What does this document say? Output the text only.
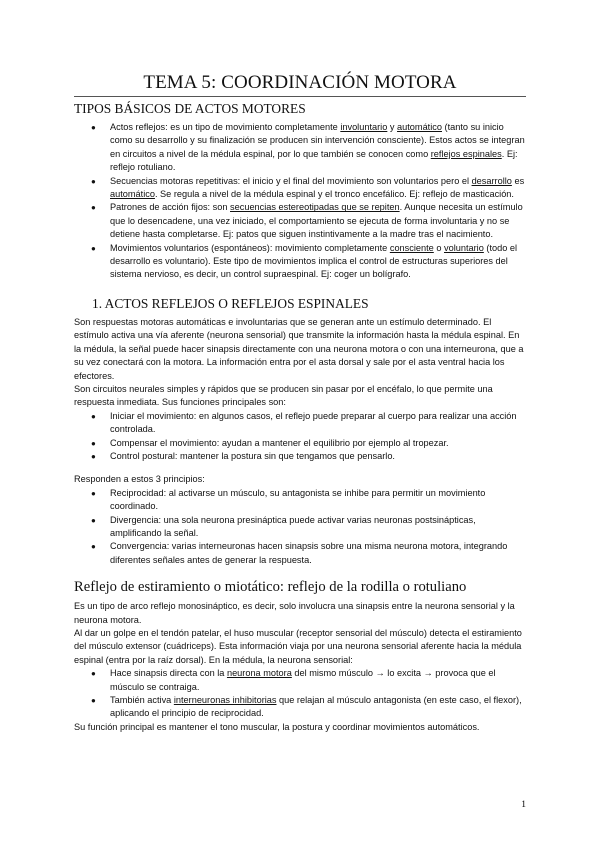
TEMA 5: COORDINACIÓN MOTORA
TIPOS BÁSICOS DE ACTOS MOTORES
● Actos reflejos: es un tipo de movimiento completamente involuntario y automático (tanto su inicio como su desarrollo y su finalización se producen sin intervención consciente). Estos actos se integran en circuitos a nivel de la médula espinal, por lo que también se conocen como reflejos espinales. Ej: reflejo rotuliano.
● Secuencias motoras repetitivas: el inicio y el final del movimiento son voluntarios pero el desarrollo es automático. Se regula a nivel de la médula espinal y el tronco encefálico. Ej: reflejo de masticación.
● Patrones de acción fijos: son secuencias estereotipadas que se repiten. Aunque necesita un estímulo que lo desencadene, una vez iniciado, el comportamiento se ejecuta de forma involuntaria y no se detiene hasta completarse. Ej: patos que siguen instintivamente a la madre tras el nacimiento.
● Movimientos voluntarios (espontáneos): movimiento completamente consciente o voluntario (todo el desarrollo es voluntario). Este tipo de movimientos implica el control de estructuras superiores del sistema nervioso, es decir, un control supraespinal. Ej: coger un bolígrafo.
1. ACTOS REFLEJOS O REFLEJOS ESPINALES

Son respuestas motoras automáticas e involuntarias que se generan ante un estímulo determinado. El estímulo activa una vía aferente (neurona sensorial) que transmite la información hasta la médula espinal. En la médula, la señal puede hacer sinapsis directamente con una neurona motora o con una interneurona, que a su vez conectará con la motora. La información entra por el asta dorsal y sale por el asta ventral hacia los efectores.

Son circuitos neurales simples y rápidos que se producen sin pasar por el encéfalo, lo que permite una respuesta inmediata. Sus funciones principales son:

● Iniciar el movimiento: en algunos casos, el reflejo puede preparar al cuerpo para realizar una acción controlada.
● Compensar el movimiento: ayudan a mantener el equilibrio por ejemplo al tropezar.
● Control postural: mantener la postura sin que tengamos que pensarlo.

Responden a estos 3 principios:

● Reciprocidad: al activarse un músculo, su antagonista se inhibe para permitir un movimiento coordinado.
● Divergencia: una sola neurona presináptica puede activar varias neuronas postsinápticas, amplificando la señal.
● Convergencia: varias interneuronas hacen sinapsis sobre una misma neurona motora, integrando diferentes señales antes de generar la respuesta.
Reflejo de estiramiento o miotático: reflejo de la rodilla o rotuliano

Es un tipo de arco reflejo monosináptico, es decir, solo involucra una sinapsis entre la neurona sensorial y la neurona motora.

Al dar un golpe en el tendón patelar, el huso muscular (receptor sensorial del músculo) detecta el estiramiento del músculo extensor (cuádriceps). Esta información viaja por una neurona sensorial aferente hacia la médula espinal (entra por la raíz dorsal). En la médula, la neurona sensorial:

● Hace sinapsis directa con la neurona motora del mismo músculo → lo excita → provoca que el músculo se contraiga.
● También activa interneuronas inhibitorias que relajan al músculo antagonista (en este caso, el flexor), aplicando el principio de reciprocidad.

Su función principal es mantener el tono muscular, la postura y coordinar movimientos automáticos.

1
